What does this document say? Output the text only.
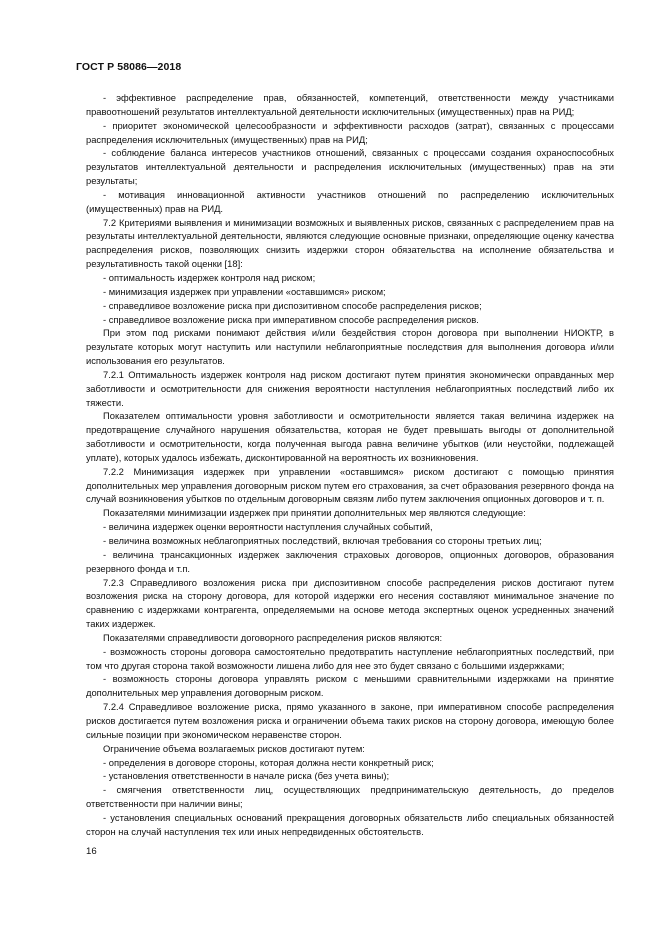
ГОСТ Р 58086—2018

- эффективное распределение прав, обязанностей, компетенций, ответственности между участниками правоотношений результатов интеллектуальной деятельности исключительных (имущественных) прав на РИД;

- приоритет экономической целесообразности и эффективности расходов (затрат), связанных с процессами распределения исключительных (имущественных) прав на РИД;

- соблюдение баланса интересов участников отношений, связанных с процессами создания охраноспособных результатов интеллектуальной деятельности и распределения исключительных (имущественных) прав на эти результаты;

- мотивация инновационной активности участников отношений по распределению исключительных (имущественных) прав на РИД.

7.2 Критериями выявления и минимизации возможных и выявленных рисков, связанных с распределением прав на результаты интеллектуальной деятельности, являются следующие основные признаки, определяющие оценку качества распределения рисков, позволяющих снизить издержки сторон обязательства на исполнение обязательства и результативность такой оценки [18]:

- оптимальность издержек контроля над риском;

- минимизация издержек при управлении «оставшимся» риском;

- справедливое возложение риска при диспозитивном способе распределения рисков;

- справедливое возложение риска при императивном способе распределения рисков.

При этом под рисками понимают действия и/или бездействия сторон договора при выполнении НИОКТР, в результате которых могут наступить или наступили неблагоприятные последствия для выполнения договора и/или использования его результатов.

7.2.1 Оптимальность издержек контроля над риском достигают путем принятия экономически оправданных мер заботливости и осмотрительности для снижения вероятности наступления неблагоприятных последствий либо их тяжести.

Показателем оптимальности уровня заботливости и осмотрительности является такая величина издержек на предотвращение случайного нарушения обязательства, которая не будет превышать выгоды от дополнительной заботливости и осмотрительности, когда полученная выгода равна величине убытков (или неустойки, подлежащей уплате), которых удалось избежать, дисконтированной на вероятность их возникновения.

7.2.2 Минимизация издержек при управлении «оставшимся» риском достигают с помощью принятия дополнительных мер управления договорным риском путем его страхования, за счет образования резервного фонда на случай возникновения убытков по отдельным договорным связям либо путем заключения опционных договоров и т. п.

Показателями минимизации издержек при принятии дополнительных мер являются следующие:

- величина издержек оценки вероятности наступления случайных событий,

- величина возможных неблагоприятных последствий, включая требования со стороны третьих лиц;

- величина трансакционных издержек заключения страховых договоров, опционных договоров, образования резервного фонда и т.п.

7.2.3 Справедливого возложения риска при диспозитивном способе распределения рисков достигают путем возложения риска на сторону договора, для которой издержки его несения составляют минимальное значение по сравнению с издержками контрагента, определяемыми на основе метода экспертных оценок усредненных значений таких издержек.

Показателями справедливости договорного распределения рисков являются:

- возможность стороны договора самостоятельно предотвратить наступление неблагоприятных последствий, при том что другая сторона такой возможности лишена либо для нее это будет связано с большими издержками;

- возможность стороны договора управлять риском с меньшими сравнительными издержками на принятие дополнительных мер управления договорным риском.

7.2.4 Справедливое возложение риска, прямо указанного в законе, при императивном способе распределения рисков достигается путем возложения риска и ограничении объема таких рисков на сторону договора, имеющую более сильные позиции при экономическом неравенстве сторон.

Ограничение объема возлагаемых рисков достигают путем:

- определения в договоре стороны, которая должна нести конкретный риск;

- установления ответственности в начале риска (без учета вины);

- смягчения ответственности лиц, осуществляющих предпринимательскую деятельность, до пределов ответственности при наличии вины;

- установления специальных оснований прекращения договорных обязательств либо специальных обязанностей сторон на случай наступления тех или иных непредвиденных обстоятельств.

16
